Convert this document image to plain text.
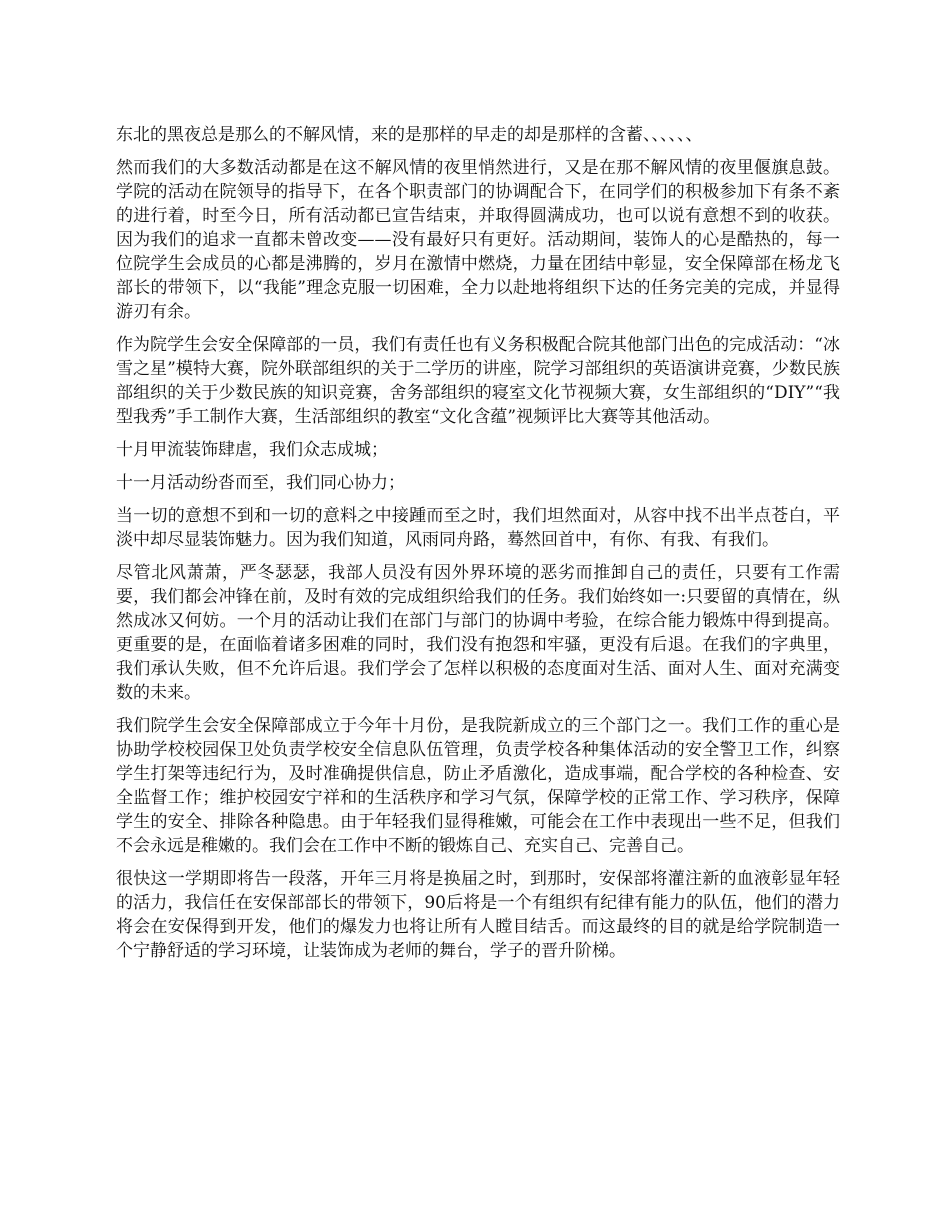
东北的黑夜总是那么的不解风情，来的是那样的早走的却是那样的含蓄、、、、、、

然而我们的大多数活动都是在这不解风情的夜里悄然进行，又是在那不解风情的夜里偃旗息鼓。学院的活动在院领导的指导下，在各个职责部门的协调配合下，在同学们的积极参加下有条不紊的进行着，时至今日，所有活动都已宣告结束，并取得圆满成功，也可以说有意想不到的收获。因为我们的追求一直都未曾改变——没有最好只有更好。活动期间，装饰人的心是酷热的，每一位院学生会成员的心都是沸腾的，岁月在激情中燃烧，力量在团结中彰显，安全保障部在杨龙飞部长的带领下，以“我能”理念克服一切困难，全力以赴地将组织下达的任务完美的完成，并显得游刃有余。

作为院学生会安全保障部的一员，我们有责任也有义务积极配合院其他部门出色的完成活动：“冰雪之星”模特大赛，院外联部组织的关于二学历的讲座，院学习部组织的英语演讲竞赛，少数民族部组织的关于少数民族的知识竞赛，舍务部组织的寝室文化节视频大赛，女生部组织的“DIY”“我型我秀”手工制作大赛，生活部组织的教室“文化含蕴”视频评比大赛等其他活动。

十月甲流装饰肆虐，我们众志成城；

十一月活动纷沓而至，我们同心协力；

当一切的意想不到和一切的意料之中接踵而至之时，我们坦然面对，从容中找不出半点苍白，平淡中却尽显装饰魅力。因为我们知道，风雨同舟路，蓦然回首中，有你、有我、有我们。

尽管北风萧萧，严冬瑟瑟，我部人员没有因外界环境的恶劣而推卸自己的责任，只要有工作需要，我们都会冲锋在前，及时有效的完成组织给我们的任务。我们始终如一:只要留的真情在，纵然成冰又何妨。一个月的活动让我们在部门与部门的协调中考验，在综合能力锻炼中得到提高。更重要的是，在面临着诸多困难的同时，我们没有抱怨和牢骚，更没有后退。在我们的字典里，我们承认失败，但不允许后退。我们学会了怎样以积极的态度面对生活、面对人生、面对充满变数的未来。

我们院学生会安全保障部成立于今年十月份，是我院新成立的三个部门之一。我们工作的重心是协助学校校园保卫处负责学校安全信息队伍管理，负责学校各种集体活动的安全警卫工作，纠察学生打架等违纪行为，及时准确提供信息，防止矛盾激化，造成事端，配合学校的各种检查、安全监督工作；维护校园安宁祥和的生活秩序和学习气氛，保障学校的正常工作、学习秩序，保障学生的安全、排除各种隐患。由于年轻我们显得稚嫩，可能会在工作中表现出一些不足，但我们不会永远是稚嫩的。我们会在工作中不断的锻炼自己、充实自己、完善自己。

很快这一学期即将告一段落，开年三月将是换届之时，到那时，安保部将灌注新的血液彰显年轻的活力，我信任在安保部部长的带领下，90后将是一个有组织有纪律有能力的队伍，他们的潜力将会在安保得到开发，他们的爆发力也将让所有人瞠目结舌。而这最终的目的就是给学院制造一个宁静舒适的学习环境，让装饰成为老师的舞台，学子的晋升阶梯。
